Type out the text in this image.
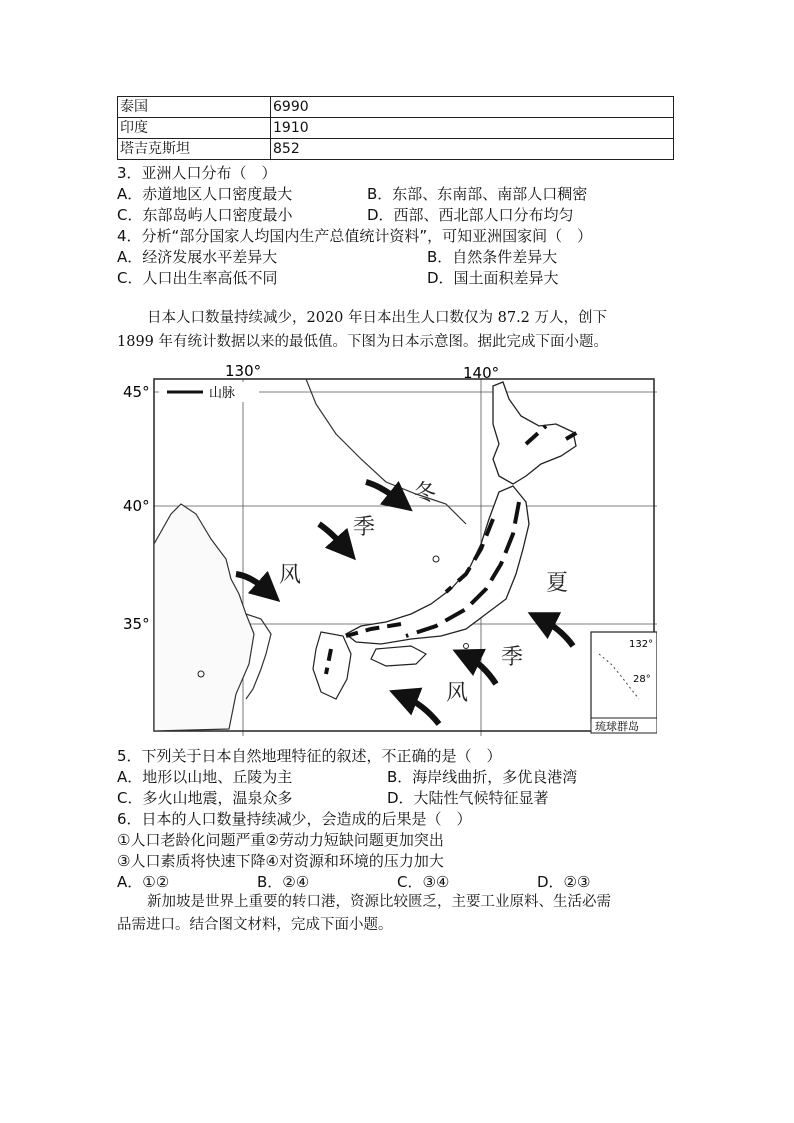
泰国	6990
印度	1910
塔吉克斯坦	852
3．亚洲人口分布（　）
A．赤道地区人口密度最大	B．东部、东南部、南部人口稠密
C．东部岛屿人口密度最小	D．西部、西北部人口分布均匀
4．分析“部分国家人均国内生产总值统计资料”，可知亚洲国家间（　）
A．经济发展水平差异大	B．自然条件差异大
C．人口出生率高低不同	D．国土面积差异大
日本人口数量持续减少，2020 年日本出生人口数仅为 87.2 万人，创下
1899 年有统计数据以来的最低值。下图为日本示意图。据此完成下面小题。
冬
季
风	夏
季
风
山脉
130°	140°
45°
40°
35°
132°
28°
琉球群岛
5．下列关于日本自然地理特征的叙述，不正确的是（　）
A．地形以山地、丘陵为主	B．海岸线曲折，多优良港湾
C．多火山地震，温泉众多	D．大陆性气候特征显著
6．日本的人口数量持续减少，会造成的后果是（　）
①人口老龄化问题严重②劳动力短缺问题更加突出
③人口素质将快速下降④对资源和环境的压力加大
A．①②	B．②④	C．③④	D．②③
新加坡是世界上重要的转口港，资源比较匮乏，主要工业原料、生活必需
品需进口。结合图文材料，完成下面小题。
